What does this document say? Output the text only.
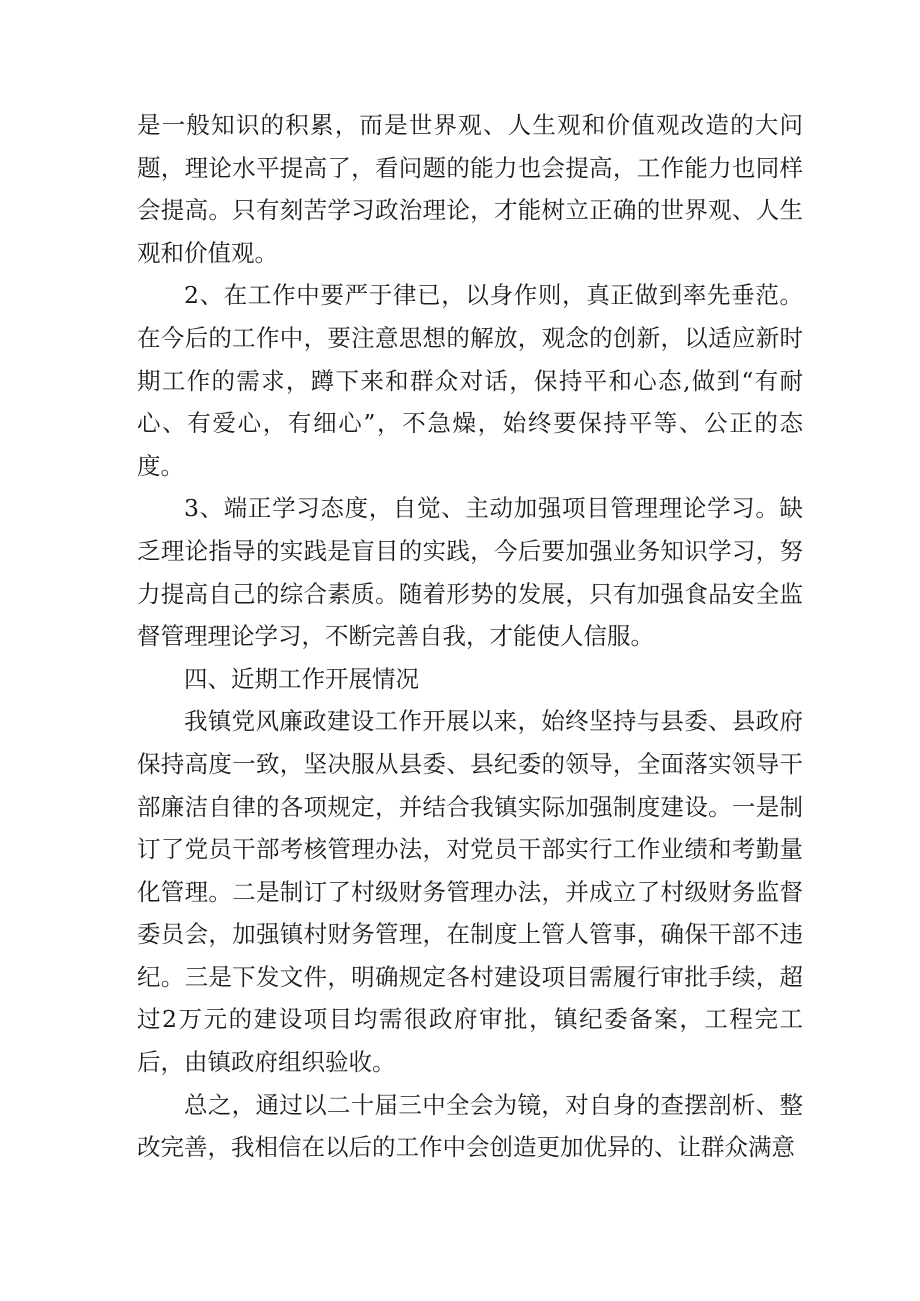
是一般知识的积累，而是世界观、人生观和价值观改造的大问题，理论水平提高了，看问题的能力也会提高，工作能力也同样会提高。只有刻苦学习政治理论，才能树立正确的世界观、人生观和价值观。

2、在工作中要严于律已，以身作则，真正做到率先垂范。在今后的工作中，要注意思想的解放，观念的创新，以适应新时期工作的需求，蹲下来和群众对话，保持平和心态,做到“有耐心、有爱心，有细心”，不急燥，始终要保持平等、公正的态度。

3、端正学习态度，自觉、主动加强项目管理理论学习。缺乏理论指导的实践是盲目的实践，今后要加强业务知识学习，努力提高自己的综合素质。随着形势的发展，只有加强食品安全监督管理理论学习，不断完善自我，才能使人信服。

四、近期工作开展情况

我镇党风廉政建设工作开展以来，始终坚持与县委、县政府保持高度一致，坚决服从县委、县纪委的领导，全面落实领导干部廉洁自律的各项规定，并结合我镇实际加强制度建设。一是制订了党员干部考核管理办法，对党员干部实行工作业绩和考勤量化管理。二是制订了村级财务管理办法，并成立了村级财务监督委员会，加强镇村财务管理，在制度上管人管事，确保干部不违纪。三是下发文件，明确规定各村建设项目需履行审批手续，超过2万元的建设项目均需很政府审批，镇纪委备案，工程完工后，由镇政府组织验收。

总之，通过以二十届三中全会为镜，对自身的查摆剖析、整改完善，我相信在以后的工作中会创造更加优异的、让群众满意
